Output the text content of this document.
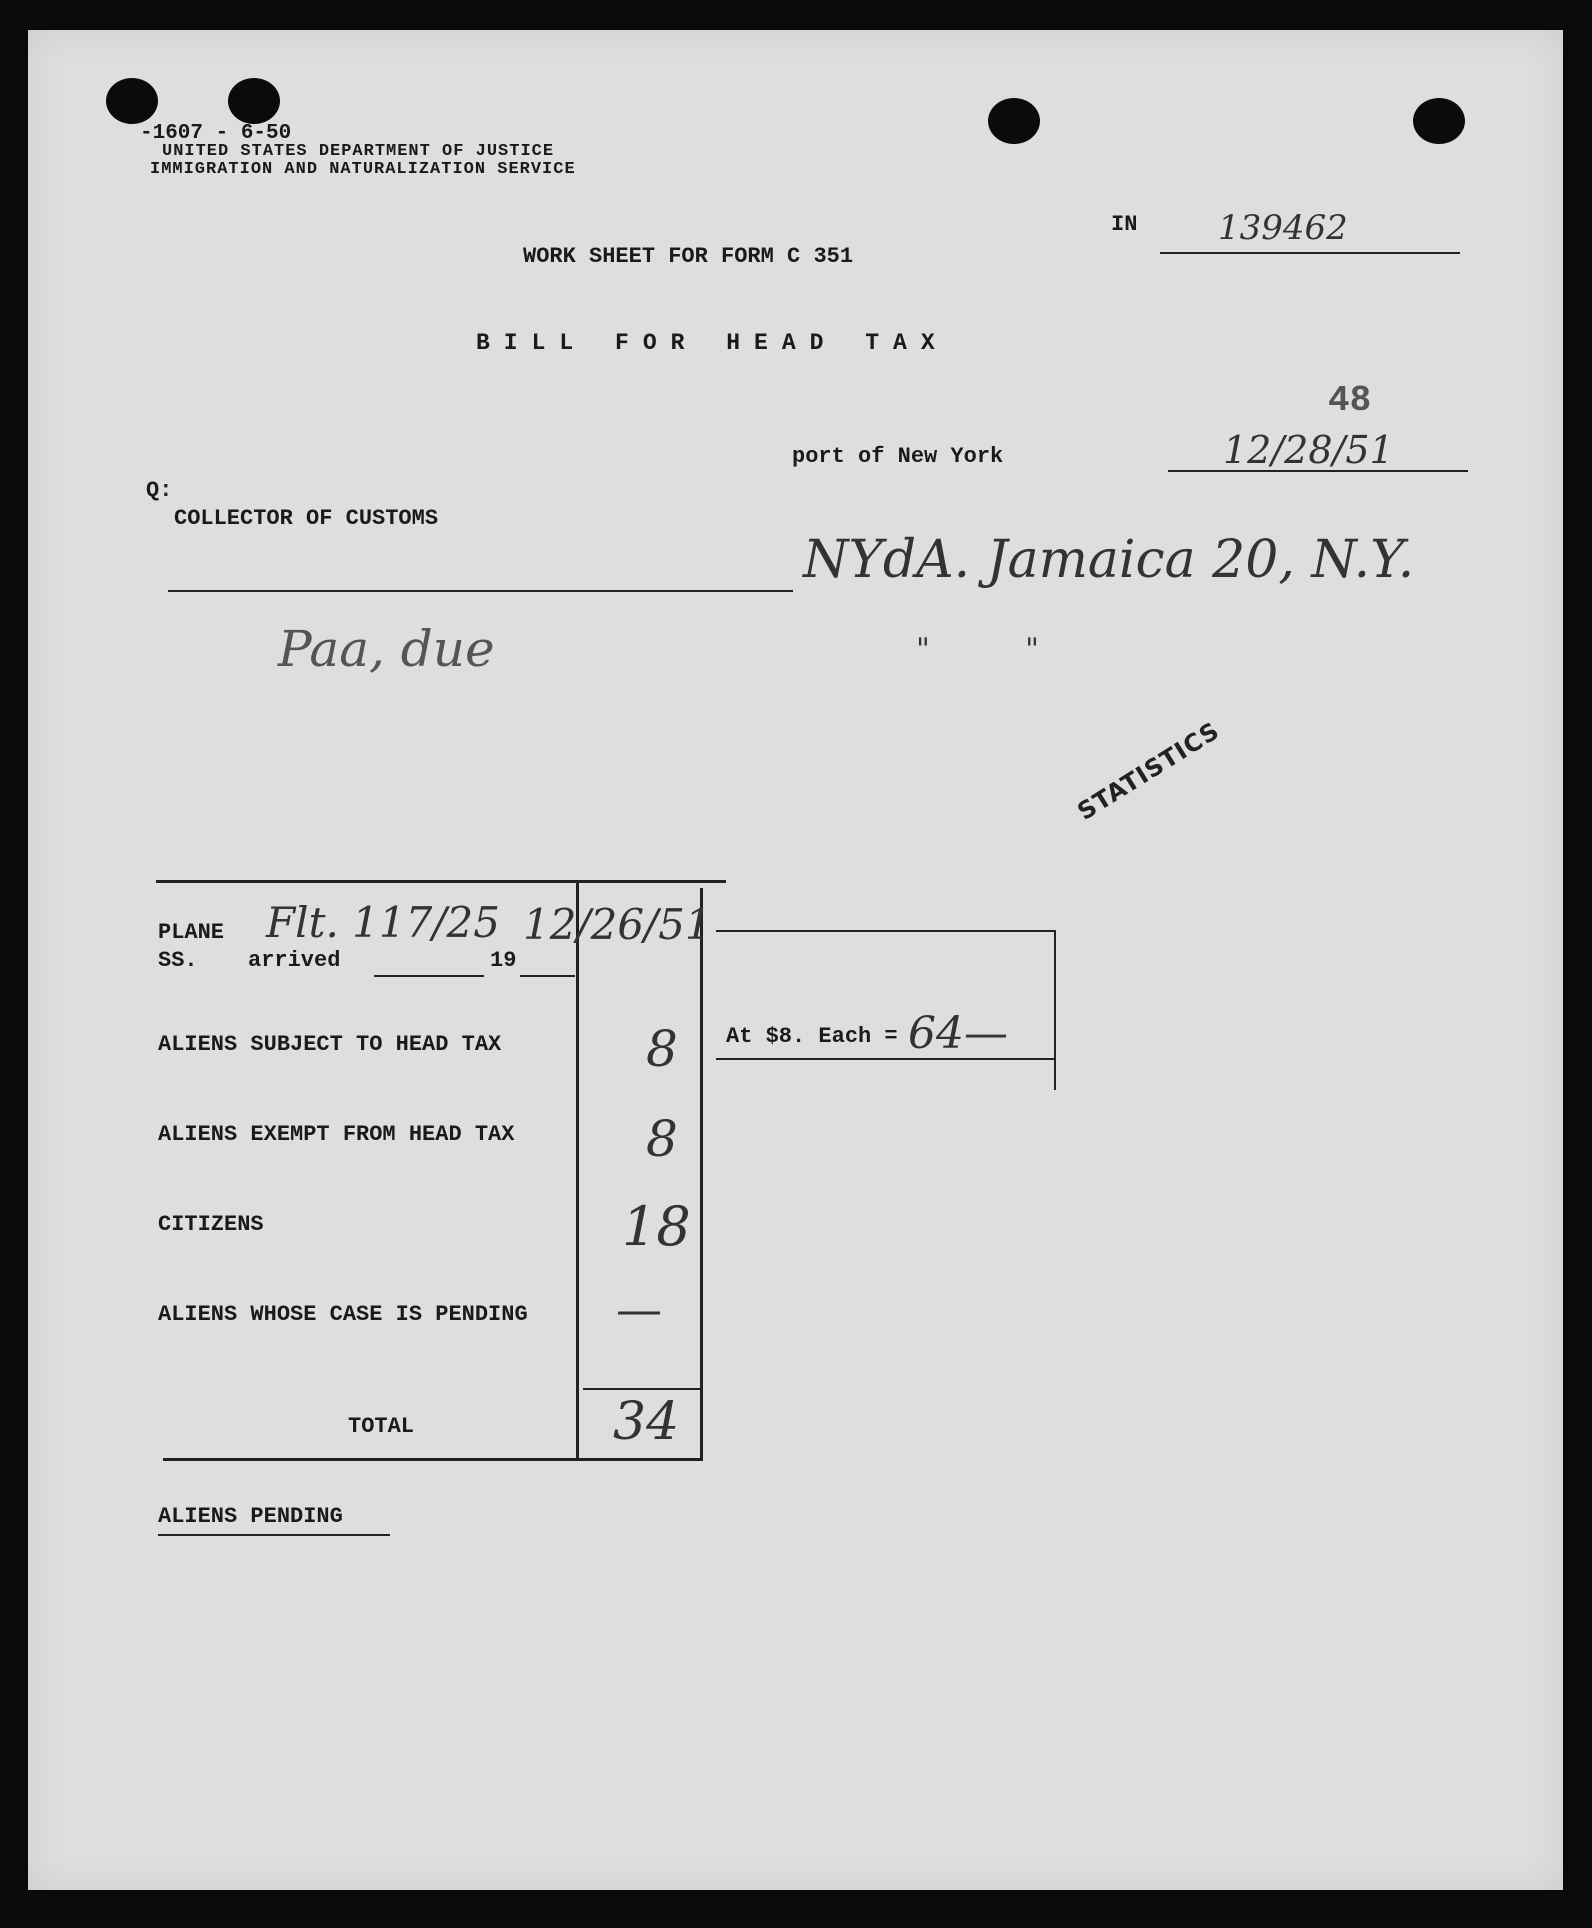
-1607 - 6-50
UNITED STATES DEPARTMENT OF JUSTICE
IMMIGRATION AND NATURALIZATION SERVICE
IN 139462
WORK SHEET FOR FORM C 351
BILL FOR HEAD TAX
48
port of New York	12/28/51
Q:
COLLECTOR OF CUSTOMS
NYdA. Jamaica 20, N.Y.
Paa, due	"          "
STATISTICS
PLANE
SS. arrived	19
Flt. 117/25 12/26/51
ALIENS SUBJECT TO HEAD TAX	8
ALIENS EXEMPT FROM HEAD TAX	8
CITIZENS	18
ALIENS WHOSE CASE IS PENDING —
TOTAL	34
At $8. Each = 64—
ALIENS PENDING
